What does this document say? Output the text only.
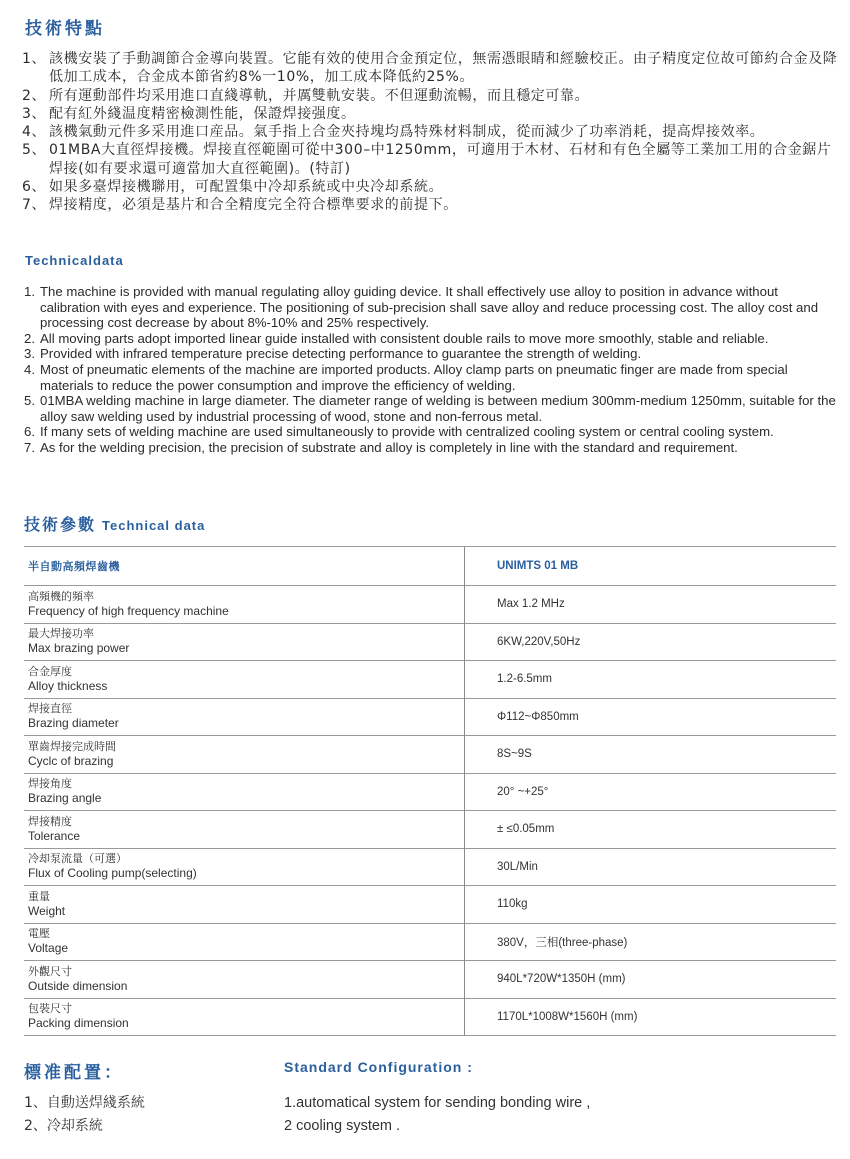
技術特點
1、 該機安裝了手動調節合金導向裝置。它能有效的使用合金預定位，無需憑眼睛和經驗校正。由子精度定位故可節約合金及降低加工成本，合金成本節省約8%一10%，加工成本降低約25%。
2、 所有運動部件均采用進口直綫導軌，并厲雙軌安裝。不但運動流暢，而且穩定可靠。
3、 配有紅外綫温度精密檢測性能，保證焊接强度。
4、 該機氣動元件多采用進口産品。氣手指上合金夾持塊均爲特殊材料制成，從而減少了功率消耗，提高焊接效率。
5、 01MBA大直徑焊接機。焊接直徑範圍可從中300–中1250mm，可適用于木材、石材和有色全屬等工業加工用的合金鋸片焊接(如有要求還可適當加大直徑範圍)。(特訂)
6、 如果多臺焊接機聯用，可配置集中冷却系統或中央冷却系統。
7、 焊接精度，必須是基片和合全精度完全符合標準要求的前提下。
Technicaldata
1. The machine is provided with manual regulating alloy guiding device. It shall effectively use alloy to position in advance without calibration with eyes and experience. The positioning of sub-precision shall save alloy and reduce processing cost. The alloy cost and processing cost decrease by about 8%-10% and 25% respectively.
2. All moving parts adopt imported linear guide installed with consistent double rails to move more smoothly, stable and reliable.
3. Provided with infrared temperature precise detecting performance to guarantee the strength of welding.
4. Most of pneumatic elements of the machine are imported products. Alloy clamp parts on pneumatic finger are made from special materials to reduce the power consumption and improve the efficiency of welding.
5. 01MBA welding machine in large diameter. The diameter range of welding is between medium 300mm-medium 1250mm, suitable for the alloy saw welding used by industrial processing of wood, stone and non-ferrous metal.
6. If many sets of welding machine are used simultaneously to provide with centralized cooling system or central cooling system.
7. As for the welding precision, the precision of substrate and alloy is completely in line with the standard and requirement.
技術參數 Technical data
半自動高頻焊齒機	UNIMTS 01 MB

高頻機的頻率
Frequency of high frequency machine	Max 1.2 MHz

最大焊接功率
Max brazing power	6KW,220V,50Hz

合金厚度
Alloy thickness	1.2-6.5mm

焊接直徑
Brazing diameter	Φ112~Φ850mm

單齒焊接完成時間
Cyclc of brazing	8S~9S

焊接角度
Brazing angle	20° ~+25°

焊接精度
Tolerance	± ≤0.05mm

冷却泵流量（可選）
Flux of Cooling pump(selecting)	30L/Min

重量
Weight	110kg

電壓
Voltage	380V，三相(three-phase)

外觀尺寸
Outside dimension	940L*720W*1350H (mm)

包裝尺寸
Packing dimension	1170L*1008W*1560H (mm)
標准配置：	Standard Configuration :
1、自動送焊綫系統
2、冷却系統
1.automatical system for sending bonding wire ,
2 cooling system .
